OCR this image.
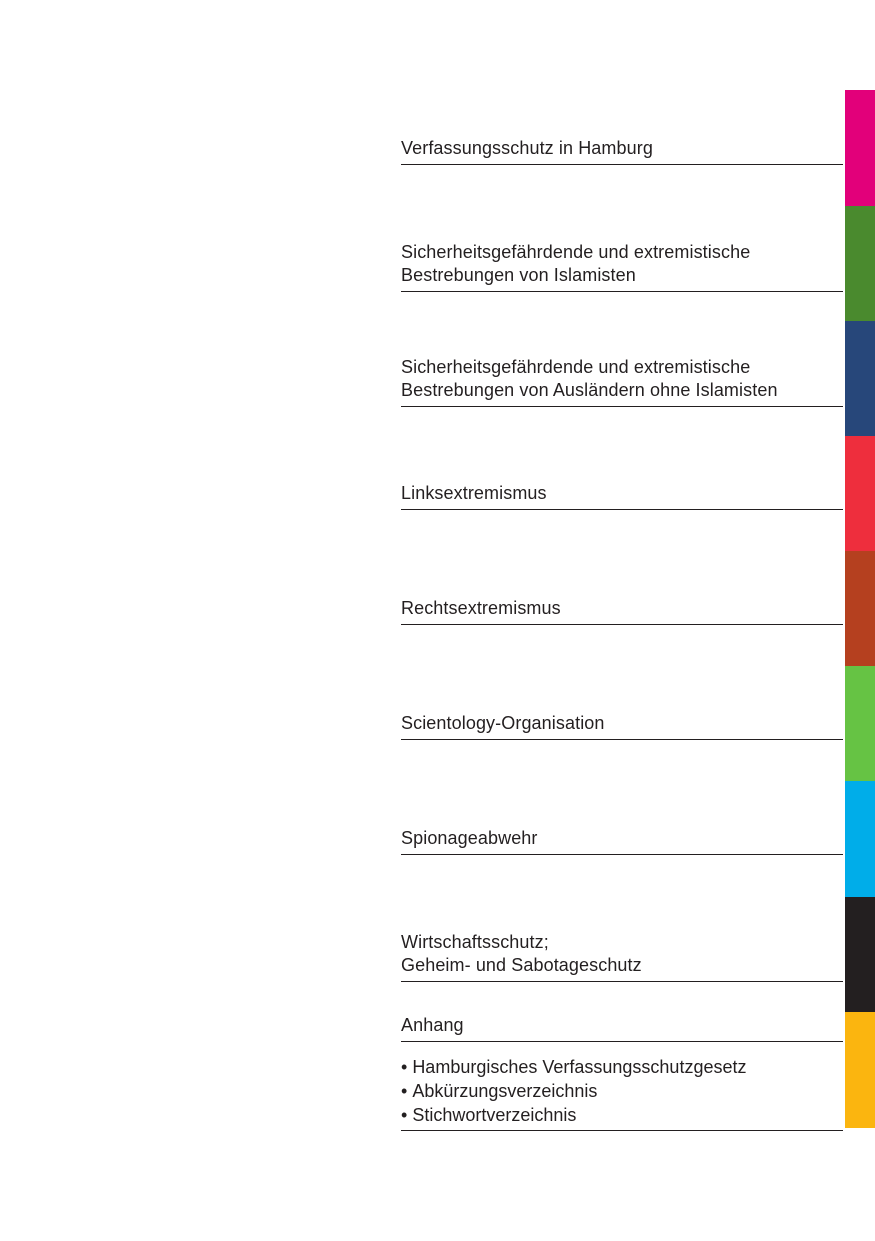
Verfassungsschutz in Hamburg
Sicherheitsgefährdende und extremistische
Bestrebungen von Islamisten
Sicherheitsgefährdende und extremistische
Bestrebungen von Ausländern ohne Islamisten
Linksextremismus
Rechtsextremismus
Scientology-Organisation
Spionageabwehr
Wirtschaftsschutz;
Geheim- und Sabotageschutz
Anhang
• Hamburgisches Verfassungsschutzgesetz
• Abkürzungsverzeichnis
• Stichwortverzeichnis
